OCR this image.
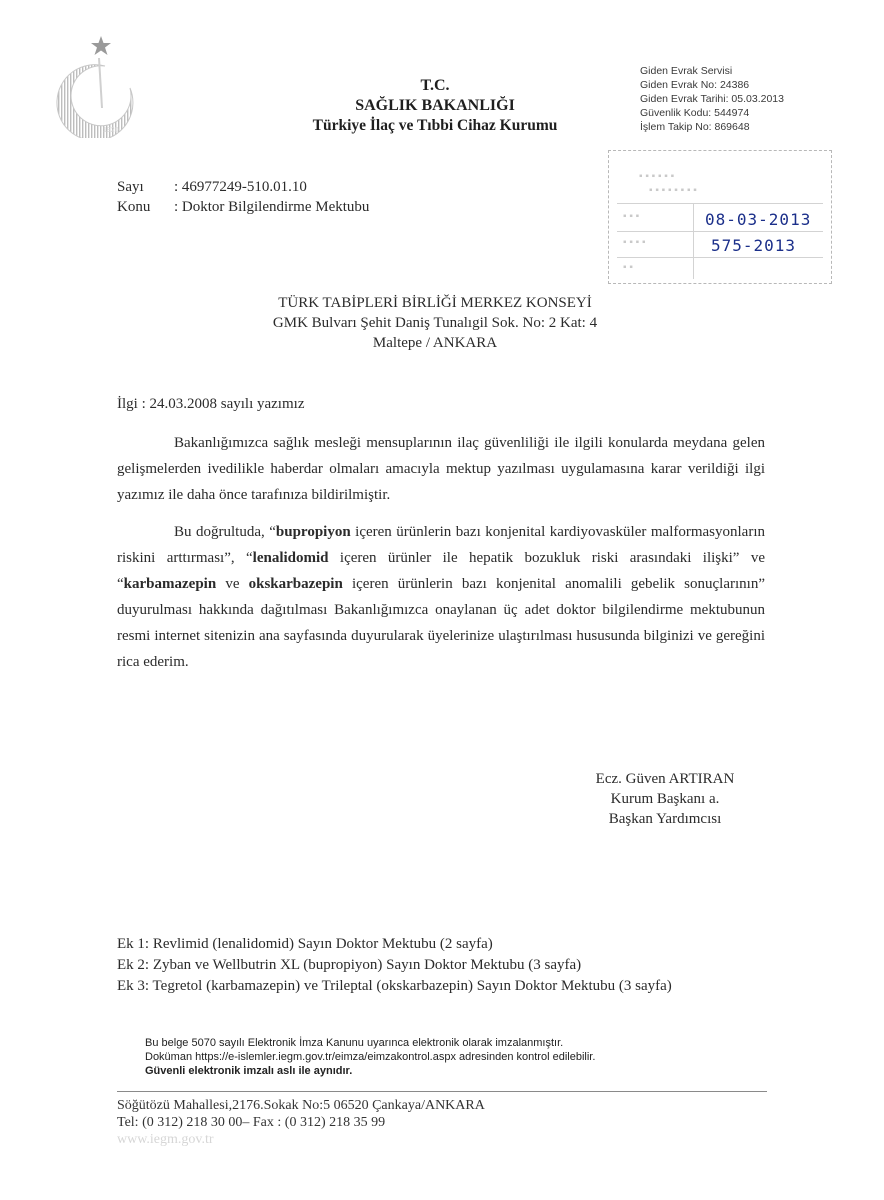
1920
T.C.
SAĞLIK BAKANLIĞI
Türkiye İlaç ve Tıbbi Cihaz Kurumu
Giden Evrak Servisi
Giden Evrak No: 24386
Giden Evrak Tarihi: 05.03.2013
Güvenlik Kodu: 544974
İşlem Takip No: 869648
▪ ▪ ▪ ▪ ▪ ▪
▪ ▪ ▪ ▪ ▪ ▪ ▪ ▪
▪ ▪ ▪
▪ ▪ ▪ ▪
▪ ▪
08-03-2013
575-2013
Sayı : 46977249-510.01.10
Konu : Doktor Bilgilendirme Mektubu
TÜRK TABİPLERİ BİRLİĞİ MERKEZ KONSEYİ
GMK Bulvarı Şehit Daniş Tunalıgil Sok. No: 2 Kat: 4
Maltepe / ANKARA
İlgi : 24.03.2008 sayılı yazımız

Bakanlığımızca sağlık mesleği mensuplarının ilaç güvenliliği ile ilgili konularda meydana gelen gelişmelerden ivedilikle haberdar olmaları amacıyla mektup yazılması uygulamasına karar verildiği ilgi yazımız ile daha önce tarafınıza bildirilmiştir.

Bu doğrultuda, “bupropiyon içeren ürünlerin bazı konjenital kardiyovasküler malformasyonların riskini arttırması”, “lenalidomid içeren ürünler ile hepatik bozukluk riski arasındaki ilişki” ve “karbamazepin ve okskarbazepin içeren ürünlerin bazı konjenital anomalili gebelik sonuçlarının” duyurulması hakkında dağıtılması Bakanlığımızca onaylanan üç adet doktor bilgilendirme mektubunun resmi internet sitenizin ana sayfasında duyurularak üyelerinize ulaştırılması hususunda bilginizi ve gereğini rica ederim.

Ecz. Güven ARTIRAN
Kurum Başkanı a.
Başkan Yardımcısı
Ek 1: Revlimid (lenalidomid) Sayın Doktor Mektubu (2 sayfa)
Ek 2: Zyban ve Wellbutrin XL (bupropiyon) Sayın Doktor Mektubu (3 sayfa)
Ek 3: Tegretol (karbamazepin) ve Trileptal (okskarbazepin) Sayın Doktor Mektubu (3 sayfa)
Bu belge 5070 sayılı Elektronik İmza Kanunu uyarınca elektronik olarak imzalanmıştır.
Doküman https://e-islemler.iegm.gov.tr/eimza/eimzakontrol.aspx adresinden kontrol edilebilir.
Güvenli elektronik imzalı aslı ile aynıdır.
Söğütözü Mahallesi,2176.Sokak No:5 06520 Çankaya/ANKARA
Tel: (0 312) 218 30 00– Fax : (0 312) 218 35 99
www.iegm.gov.tr
